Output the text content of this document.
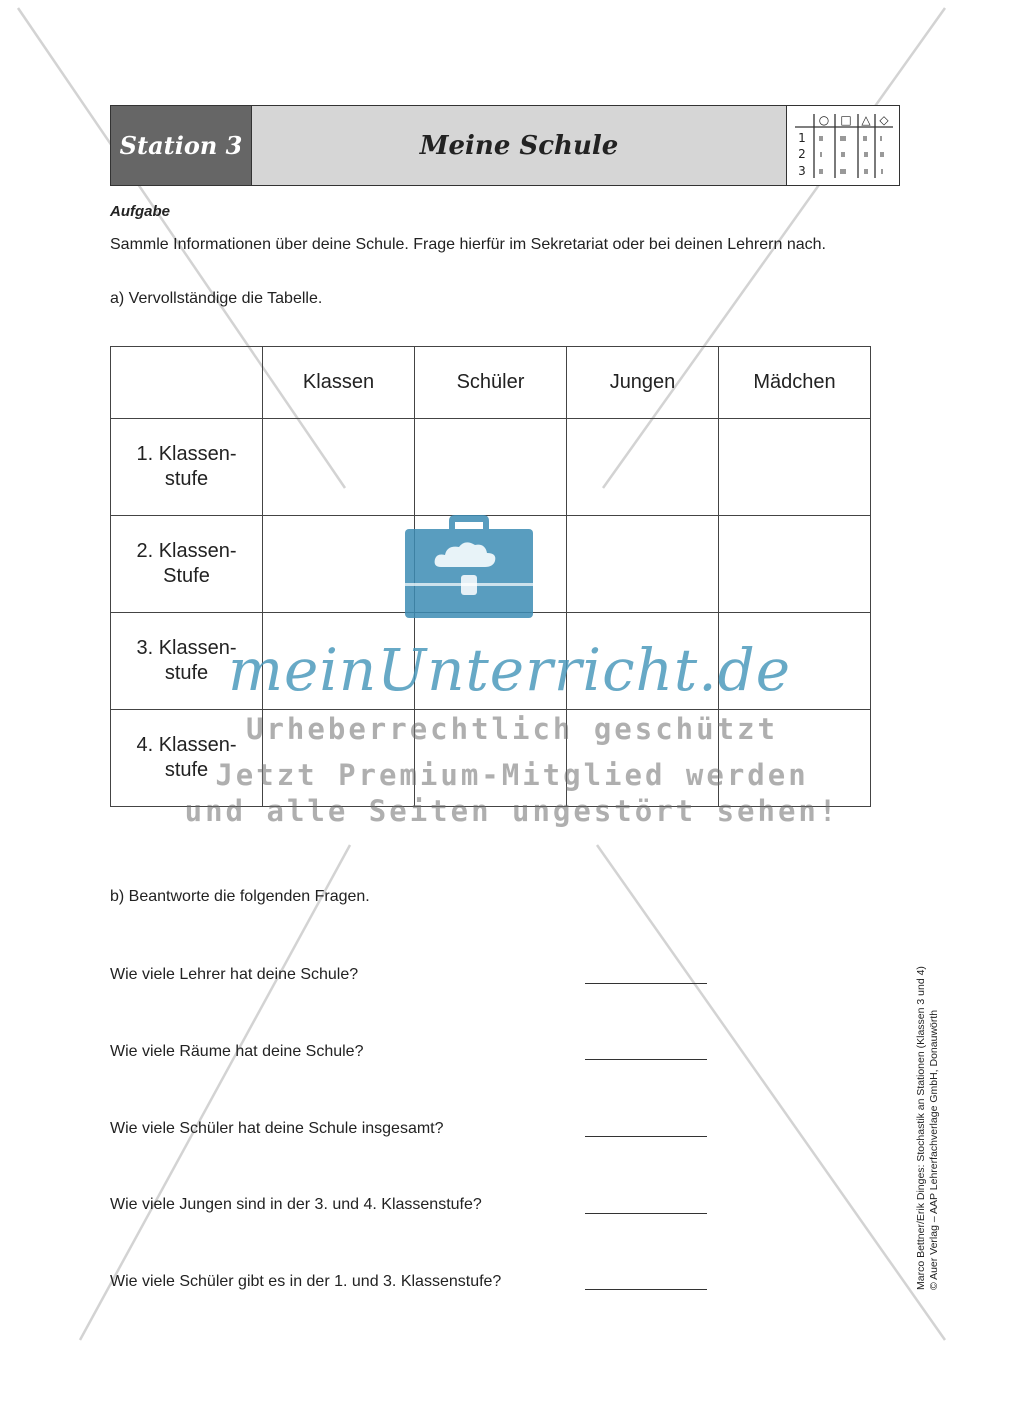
Station 3	Meine Schule
○ □ △ ◇
1
2
3
Aufgabe
Sammle Informationen über deine Schule. Frage hierfür im Sekretariat oder bei deinen Lehrern nach.
a) Vervollständige die Tabelle.
	Klassen	Schüler	Jungen	Mädchen
1. Klassen-
stufe				
2. Klassen-
Stufe				
3. Klassen-
stufe				
4. Klassen-
stufe				
meinUnterricht.de
Urheberrechtlich geschützt
Jetzt Premium-Mitglied werden
und alle Seiten ungestört sehen!
b) Beantworte die folgenden Fragen.
Wie viele Lehrer hat deine Schule?
Wie viele Räume hat deine Schule?
Wie viele Schüler hat deine Schule insgesamt?
Wie viele Jungen sind in der 3. und 4. Klassenstufe?
Wie viele Schüler gibt es in der 1. und 3. Klassenstufe?	Marco Bettner/Erik Dinges: Stochastik an Stationen (Klassen 3 und 4) © Auer Verlag – AAP Lehrerfachverlage GmbH, Donauwörth
